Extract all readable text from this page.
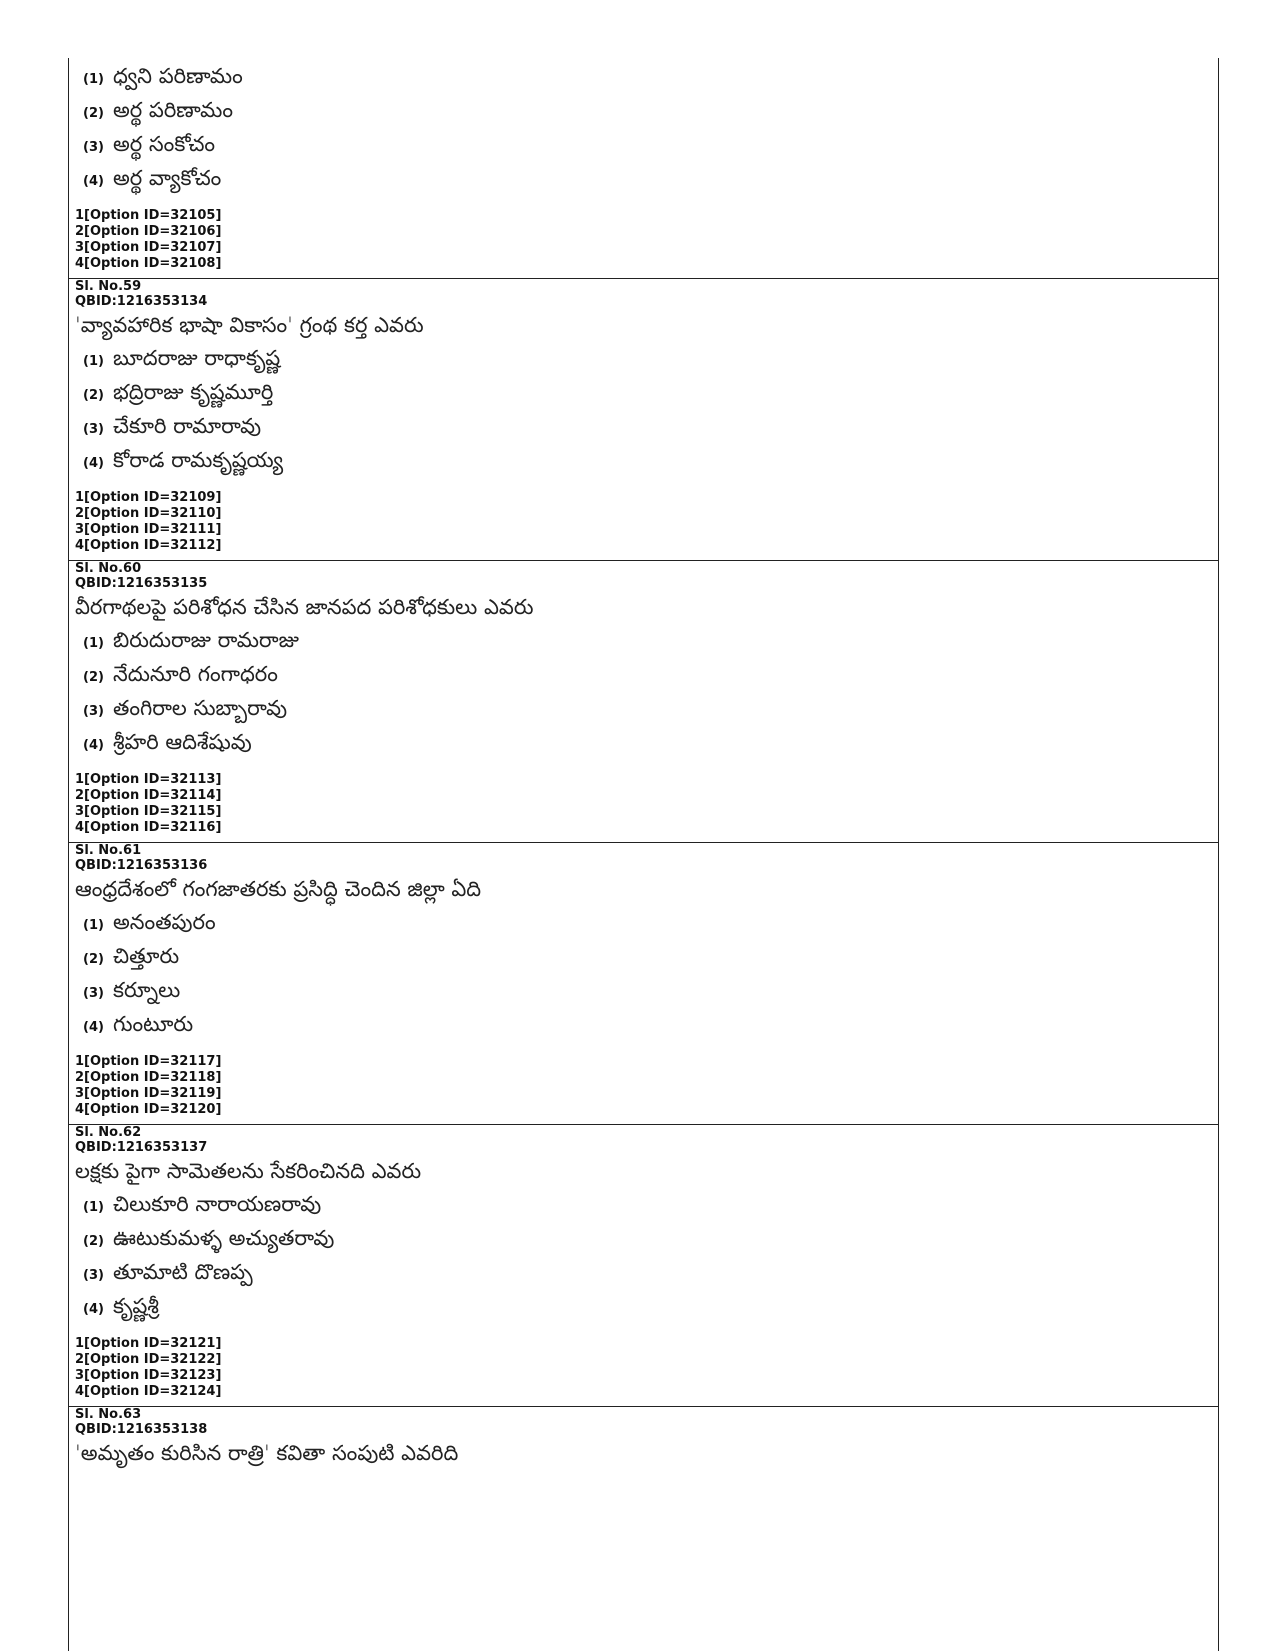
(1) ధ్వని పరిణామం
(2) అర్థ పరిణామం
(3) అర్థ సంకోచం
(4) అర్థ వ్యాకోచం
1[Option ID=32105]
2[Option ID=32106]
3[Option ID=32107]
4[Option ID=32108]
Sl. No.59
QBID:1216353134
'వ్యావహారిక భాషా వికాసం' గ్రంథ కర్త ఎవరు
(1) బూదరాజు రాధాకృష్ణ
(2) భద్రిరాజు కృష్ణమూర్తి
(3) చేకూరి రామారావు
(4) కోరాడ రామకృష్ణయ్య
1[Option ID=32109]
2[Option ID=32110]
3[Option ID=32111]
4[Option ID=32112]
Sl. No.60
QBID:1216353135
వీరగాథలపై పరిశోధన చేసిన జానపద పరిశోధకులు ఎవరు
(1) బిరుదురాజు రామరాజు
(2) నేదునూరి గంగాధరం
(3) తంగిరాల సుబ్బారావు
(4) శ్రీహరి ఆదిశేషువు
1[Option ID=32113]
2[Option ID=32114]
3[Option ID=32115]
4[Option ID=32116]
Sl. No.61
QBID:1216353136
ఆంధ్రదేశంలో గంగజాతరకు ప్రసిద్ధి చెందిన జిల్లా ఏది
(1) అనంతపురం
(2) చిత్తూరు
(3) కర్నూలు
(4) గుంటూరు
1[Option ID=32117]
2[Option ID=32118]
3[Option ID=32119]
4[Option ID=32120]
Sl. No.62
QBID:1216353137
లక్షకు పైగా సామెతలను సేకరించినది ఎవరు
(1) చిలుకూరి నారాయణరావు
(2) ఊటుకుమళ్ళ అచ్యుతరావు
(3) తూమాటి దొణప్ప
(4) కృష్ణశ్రీ
1[Option ID=32121]
2[Option ID=32122]
3[Option ID=32123]
4[Option ID=32124]
Sl. No.63
QBID:1216353138
'అమృతం కురిసిన రాత్రి' కవితా సంపుటి ఎవరిది
